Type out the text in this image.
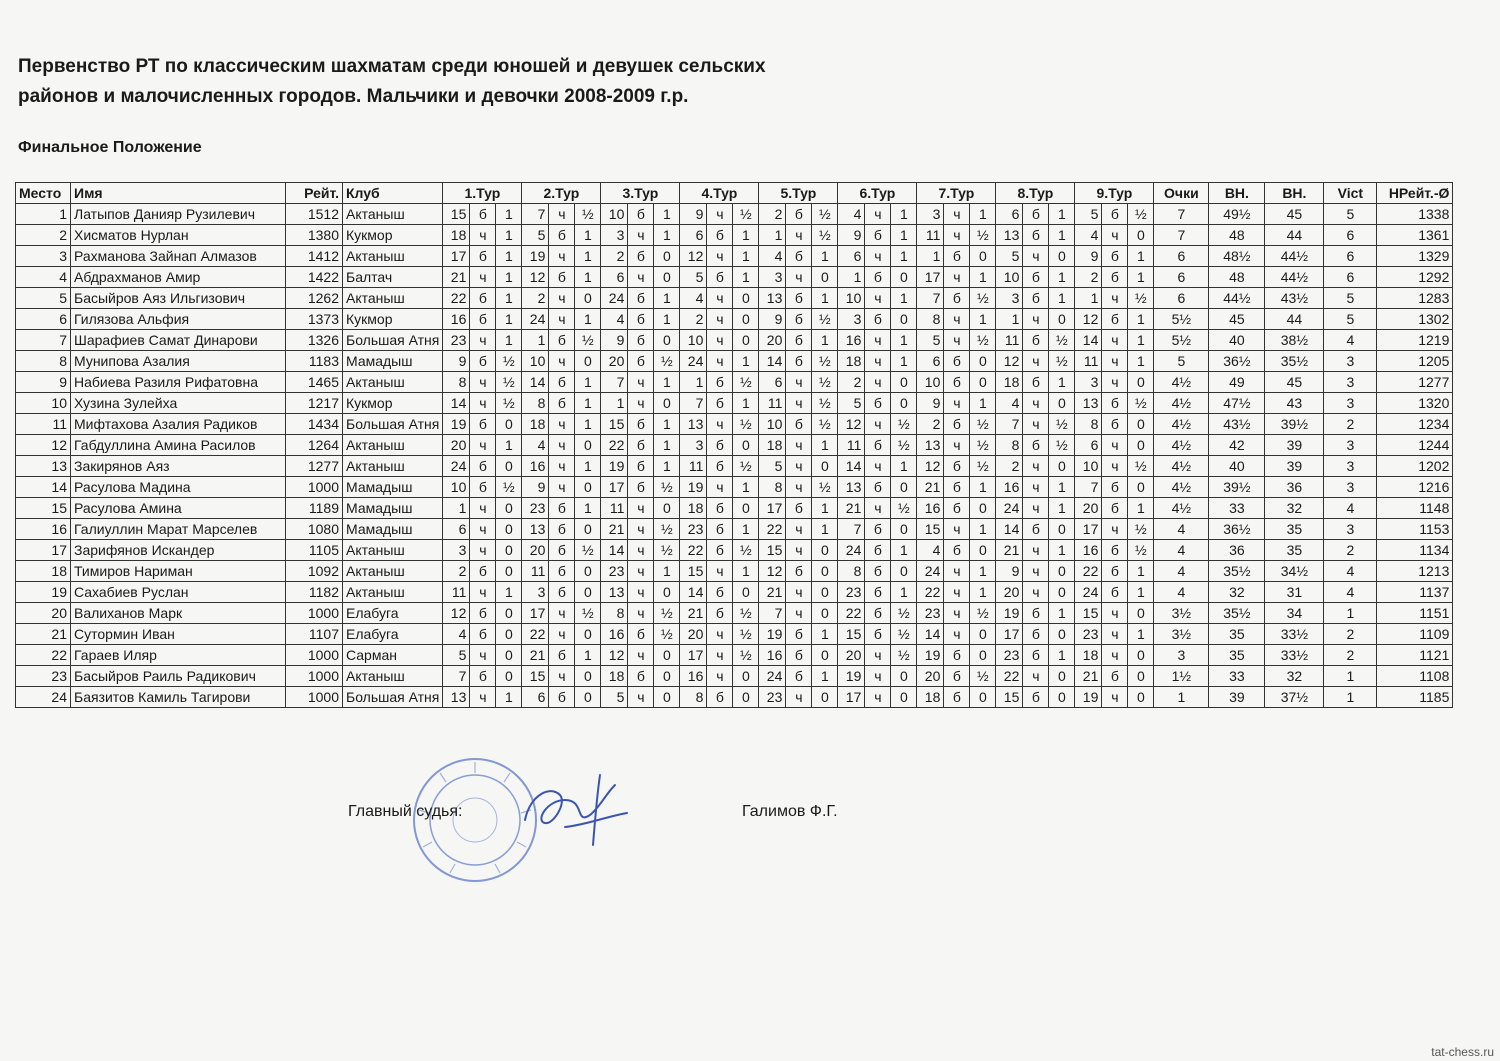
Первенство РТ по классическим шахматам среди юношей и девушек сельских
районов и малочисленных городов. Мальчики и девочки 2008-2009 г.р.
Финальное Положение
Место	Имя	Рейт.	Клуб	1.Тур			2.Тур			3.Тур			4.Тур			5.Тур			6.Тур			7.Тур			8.Тур			9.Тур			Очки	ВН.	ВН.	Vict	НРейт.-Ø
1	Латыпов Данияр Рузилевич	1512	Актаныш	15	б	1	7	ч	½	10	б	1	9	ч	½	2	б	½	4	ч	1	3	ч	1	6	б	1	5	б	½	7	49½	45	5	1338
2	Хисматов Нурлан	1380	Кукмор	18	ч	1	5	б	1	3	ч	1	6	б	1	1	ч	½	9	б	1	11	ч	½	13	б	1	4	ч	0	7	48	44	6	1361
3	Рахманова Зайнап Алмазов	1412	Актаныш	17	б	1	19	ч	1	2	б	0	12	ч	1	4	б	1	6	ч	1	1	б	0	5	ч	0	9	б	1	6	48½	44½	6	1329
4	Абдрахманов Амир	1422	Балтач	21	ч	1	12	б	1	6	ч	0	5	б	1	3	ч	0	1	б	0	17	ч	1	10	б	1	2	б	1	6	48	44½	6	1292
5	Басыйров Аяз Ильгизович	1262	Актаныш	22	б	1	2	ч	0	24	б	1	4	ч	0	13	б	1	10	ч	1	7	б	½	3	б	1	1	ч	½	6	44½	43½	5	1283
6	Гилязова Альфия	1373	Кукмор	16	б	1	24	ч	1	4	б	1	2	ч	0	9	б	½	3	б	0	8	ч	1	1	ч	0	12	б	1	5½	45	44	5	1302
7	Шарафиев Самат Динарови	1326	Большая Атня	23	ч	1	1	б	½	9	б	0	10	ч	0	20	б	1	16	ч	1	5	ч	½	11	б	½	14	ч	1	5½	40	38½	4	1219
8	Мунипова Азалия	1183	Мамадыш	9	б	½	10	ч	0	20	б	½	24	ч	1	14	б	½	18	ч	1	6	б	0	12	ч	½	11	ч	1	5	36½	35½	3	1205
9	Набиева Разиля Рифатовна	1465	Актаныш	8	ч	½	14	б	1	7	ч	1	1	б	½	6	ч	½	2	ч	0	10	б	0	18	б	1	3	ч	0	4½	49	45	3	1277
10	Хузина Зулейха	1217	Кукмор	14	ч	½	8	б	1	1	ч	0	7	б	1	11	ч	½	5	б	0	9	ч	1	4	ч	0	13	б	½	4½	47½	43	3	1320
11	Мифтахова Азалия Радиков	1434	Большая Атня	19	б	0	18	ч	1	15	б	1	13	ч	½	10	б	½	12	ч	½	2	б	½	7	ч	½	8	б	0	4½	43½	39½	2	1234
12	Габдуллина Амина Расилов	1264	Актаныш	20	ч	1	4	ч	0	22	б	1	3	б	0	18	ч	1	11	б	½	13	ч	½	8	б	½	6	ч	0	4½	42	39	3	1244
13	Закирянов Аяз	1277	Актаныш	24	б	0	16	ч	1	19	б	1	11	б	½	5	ч	0	14	ч	1	12	б	½	2	ч	0	10	ч	½	4½	40	39	3	1202
14	Расулова Мадина	1000	Мамадыш	10	б	½	9	ч	0	17	б	½	19	ч	1	8	ч	½	13	б	0	21	б	1	16	ч	1	7	б	0	4½	39½	36	3	1216
15	Расулова Амина	1189	Мамадыш	1	ч	0	23	б	1	11	ч	0	18	б	0	17	б	1	21	ч	½	16	б	0	24	ч	1	20	б	1	4½	33	32	4	1148
16	Галиуллин Марат Марселев	1080	Мамадыш	6	ч	0	13	б	0	21	ч	½	23	б	1	22	ч	1	7	б	0	15	ч	1	14	б	0	17	ч	½	4	36½	35	3	1153
17	Зарифянов Искандер	1105	Актаныш	3	ч	0	20	б	½	14	ч	½	22	б	½	15	ч	0	24	б	1	4	б	0	21	ч	1	16	б	½	4	36	35	2	1134
18	Тимиров Нариман	1092	Актаныш	2	б	0	11	б	0	23	ч	1	15	ч	1	12	б	0	8	б	0	24	ч	1	9	ч	0	22	б	1	4	35½	34½	4	1213
19	Сахабиев Руслан	1182	Актаныш	11	ч	1	3	б	0	13	ч	0	14	б	0	21	ч	0	23	б	1	22	ч	1	20	ч	0	24	б	1	4	32	31	4	1137
20	Валиханов Марк	1000	Елабуга	12	б	0	17	ч	½	8	ч	½	21	б	½	7	ч	0	22	б	½	23	ч	½	19	б	1	15	ч	0	3½	35½	34	1	1151
21	Сутормин Иван	1107	Елабуга	4	б	0	22	ч	0	16	б	½	20	ч	½	19	б	1	15	б	½	14	ч	0	17	б	0	23	ч	1	3½	35	33½	2	1109
22	Гараев Иляр	1000	Сарман	5	ч	0	21	б	1	12	ч	0	17	ч	½	16	б	0	20	ч	½	19	б	0	23	б	1	18	ч	0	3	35	33½	2	1121
23	Басыйров Раиль Радикович	1000	Актаныш	7	б	0	15	ч	0	18	б	0	16	ч	0	24	б	1	19	ч	0	20	б	½	22	ч	0	21	б	0	1½	33	32	1	1108
24	Баязитов Камиль Тагирови	1000	Большая Атня	13	ч	1	6	б	0	5	ч	0	8	б	0	23	ч	0	17	ч	0	18	б	0	15	б	0	19	ч	0	1	39	37½	1	1185
Главный судья:	Галимов Ф.Г.
tat-chess.ru
